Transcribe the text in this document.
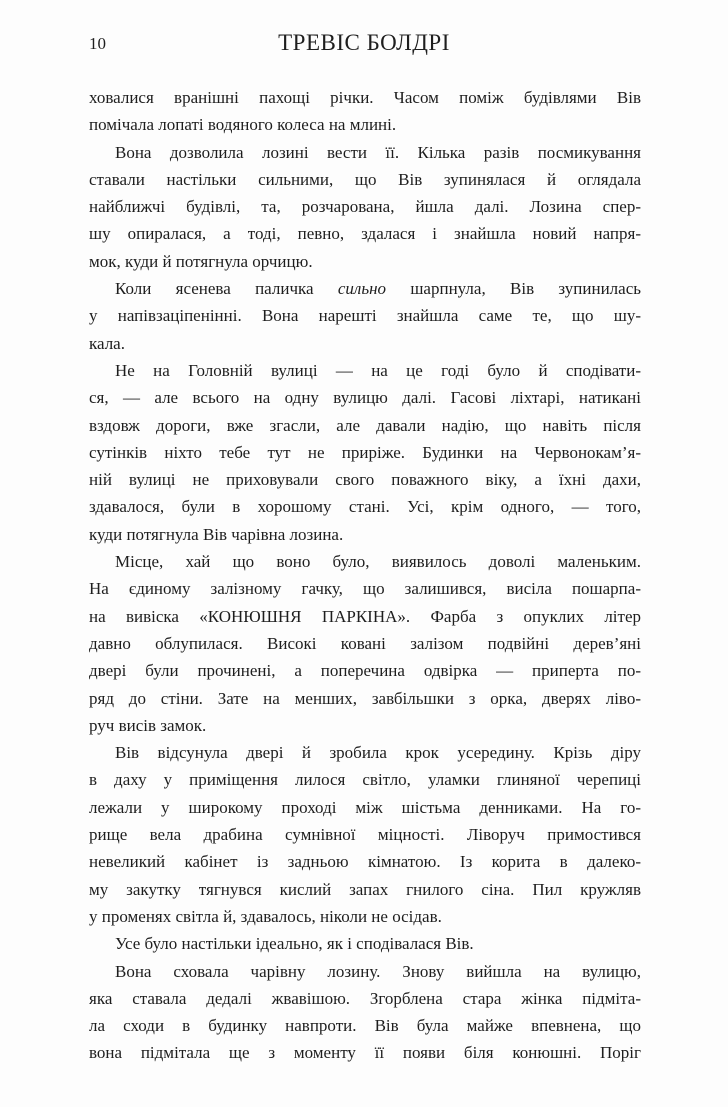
10	ТРЕВІС БОЛДРІ
ховалися вранішні пахощі річки. Часом поміж будівлями Вів
помічала лопаті водяного колеса на млині.
Вона дозволила лозині вести її. Кілька разів посмикування
ставали настільки сильними, що Вів зупинялася й оглядала
найближчі будівлі, та, розчарована, йшла далі. Лозина спер-
шу опиралася, а тоді, певно, здалася і знайшла новий напря-
мок, куди й потягнула орчицю.
Коли ясенева паличка сильно шарпнула, Вів зупинилась
у напівзаціпенінні. Вона нарешті знайшла саме те, що шу-
кала.
Не на Головній вулиці — на це годі було й сподівати-
ся, — але всього на одну вулицю далі. Гасові ліхтарі, натикані
вздовж дороги, вже згасли, але давали надію, що навіть після
сутінків ніхто тебе тут не приріже. Будинки на Червонокам’я-
ній вулиці не приховували свого поважного віку, а їхні дахи,
здавалося, були в хорошому стані. Усі, крім одного, — того,
куди потягнула Вів чарівна лозина.
Місце, хай що воно було, виявилось доволі маленьким.
На єдиному залізному гачку, що залишився, висіла пошарпа-
на вивіска «КОНЮШНЯ ПАРКІНА». Фарба з опуклих літер
давно облупилася. Високі ковані залізом подвійні дерев’яні
двері були прочинені, а поперечина одвірка — приперта по-
ряд до стіни. Зате на менших, завбільшки з орка, дверях ліво-
руч висів замок.
Вів відсунула двері й зробила крок усередину. Крізь діру
в даху у приміщення лилося світло, уламки глиняної черепиці
лежали у широкому проході між шістьма денниками. На го-
рище вела драбина сумнівної міцності. Ліворуч примостився
невеликий кабінет із задньою кімнатою. Із корита в далеко-
му закутку тягнувся кислий запах гнилого сіна. Пил кружляв
у променях світла й, здавалось, ніколи не осідав.
Усе було настільки ідеально, як і сподівалася Вів.
Вона сховала чарівну лозину. Знову вийшла на вулицю,
яка ставала дедалі жвавішою. Згорблена стара жінка підміта-
ла сходи в будинку навпроти. Вів була майже впевнена, що
вона підмітала ще з моменту її появи біля конюшні. Поріг
